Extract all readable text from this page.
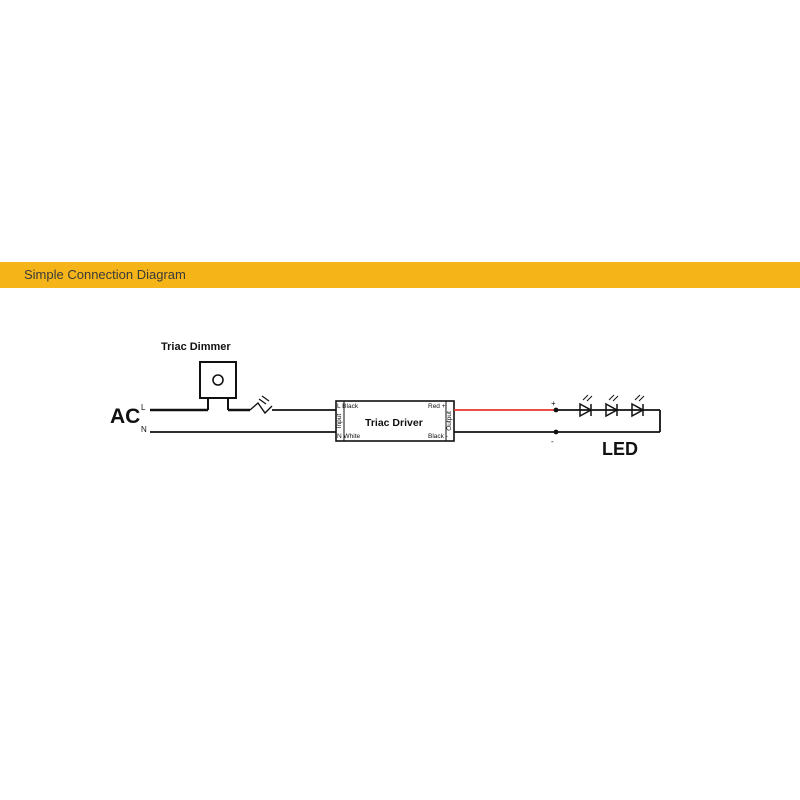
Simple Connection Diagram
Triac Dimmer
AC L
N
Triac Driver
L Black
N White
Red +
Black -
Input	Output
+
-	LED
